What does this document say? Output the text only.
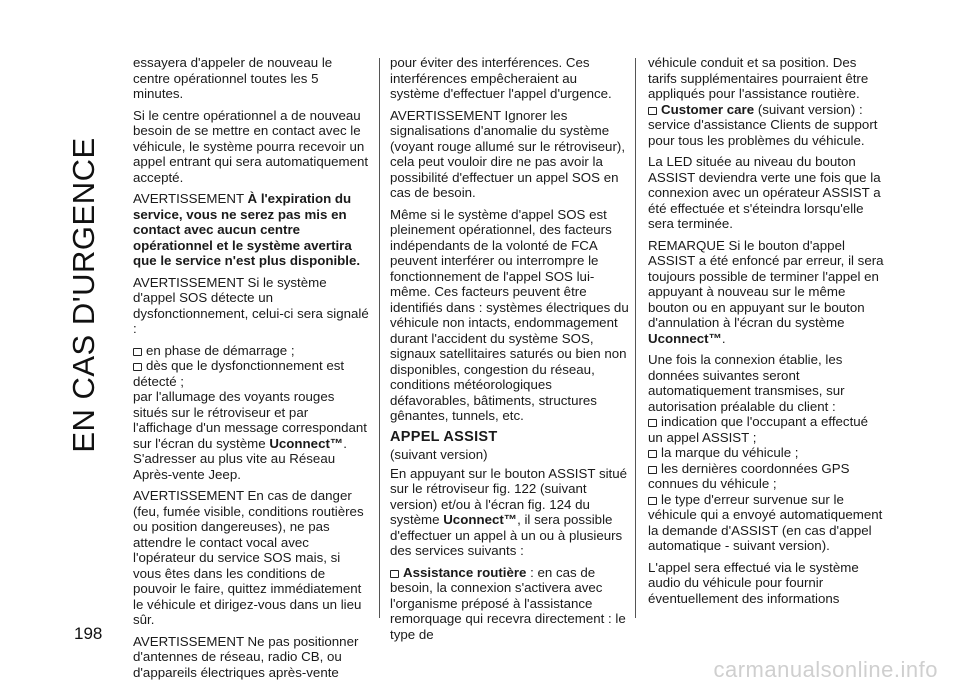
EN CAS D'URGENCE
198

essayera d'appeler de nouveau le centre opérationnel toutes les 5 minutes.

Si le centre opérationnel a de nouveau besoin de se mettre en contact avec le véhicule, le système pourra recevoir un appel entrant qui sera automatiquement accepté.

AVERTISSEMENT À l'expiration du service, vous ne serez pas mis en contact avec aucun centre opérationnel et le système avertira que le service n'est plus disponible.

AVERTISSEMENT Si le système d'appel SOS détecte un dysfonctionnement, celui-ci sera signalé :

en phase de démarrage ;
dès que le dysfonctionnement est détecté ;

par l'allumage des voyants rouges situés sur le rétroviseur et par l'affichage d'un message correspondant sur l'écran du système Uconnect™. S'adresser au plus vite au Réseau Après-vente Jeep.

AVERTISSEMENT En cas de danger (feu, fumée visible, conditions routières ou position dangereuses), ne pas attendre le contact vocal avec l'opérateur du service SOS mais, si vous êtes dans les conditions de pouvoir le faire, quittez immédiatement le véhicule et dirigez-vous dans un lieu sûr.

AVERTISSEMENT Ne pas positionner d'antennes de réseau, radio CB, ou d'appareils électriques après-vente

pour éviter des interférences. Ces interférences empêcheraient au système d'effectuer l'appel d'urgence.

AVERTISSEMENT Ignorer les signalisations d'anomalie du système (voyant rouge allumé sur le rétroviseur), cela peut vouloir dire ne pas avoir la possibilité d'effectuer un appel SOS en cas de besoin.

Même si le système d'appel SOS est pleinement opérationnel, des facteurs indépendants de la volonté de FCA peuvent interférer ou interrompre le fonctionnement de l'appel SOS lui-même. Ces facteurs peuvent être identifiés dans : systèmes électriques du véhicule non intacts, endommagement durant l'accident du système SOS, signaux satellitaires saturés ou bien non disponibles, congestion du réseau, conditions météorologiques défavorables, bâtiments, structures gênantes, tunnels, etc.

APPEL ASSIST

(suivant version)

En appuyant sur le bouton ASSIST situé sur le rétroviseur fig. 122 (suivant version) et/ou à l'écran fig. 124 du système Uconnect™, il sera possible d'effectuer un appel à un ou à plusieurs des services suivants :

Assistance routière : en cas de besoin, la connexion s'activera avec l'organisme préposé à l'assistance remorquage qui recevra directement : le type de

véhicule conduit et sa position. Des tarifs supplémentaires pourraient être appliqués pour l'assistance routière.

Customer care (suivant version) : service d'assistance Clients de support pour tous les problèmes du véhicule.

La LED située au niveau du bouton ASSIST deviendra verte une fois que la connexion avec un opérateur ASSIST a été effectuée et s'éteindra lorsqu'elle sera terminée.

REMARQUE Si le bouton d'appel ASSIST a été enfoncé par erreur, il sera toujours possible de terminer l'appel en appuyant à nouveau sur le même bouton ou en appuyant sur le bouton d'annulation à l'écran du système Uconnect™.

Une fois la connexion établie, les données suivantes seront automatiquement transmises, sur autorisation préalable du client :

indication que l'occupant a effectué un appel ASSIST ;
la marque du véhicule ;
les dernières coordonnées GPS connues du véhicule ;
le type d'erreur survenue sur le véhicule qui a envoyé automatiquement la demande d'ASSIST (en cas d'appel automatique - suivant version).

L'appel sera effectué via le système audio du véhicule pour fournir éventuellement des informations

carmanualsonline.info
